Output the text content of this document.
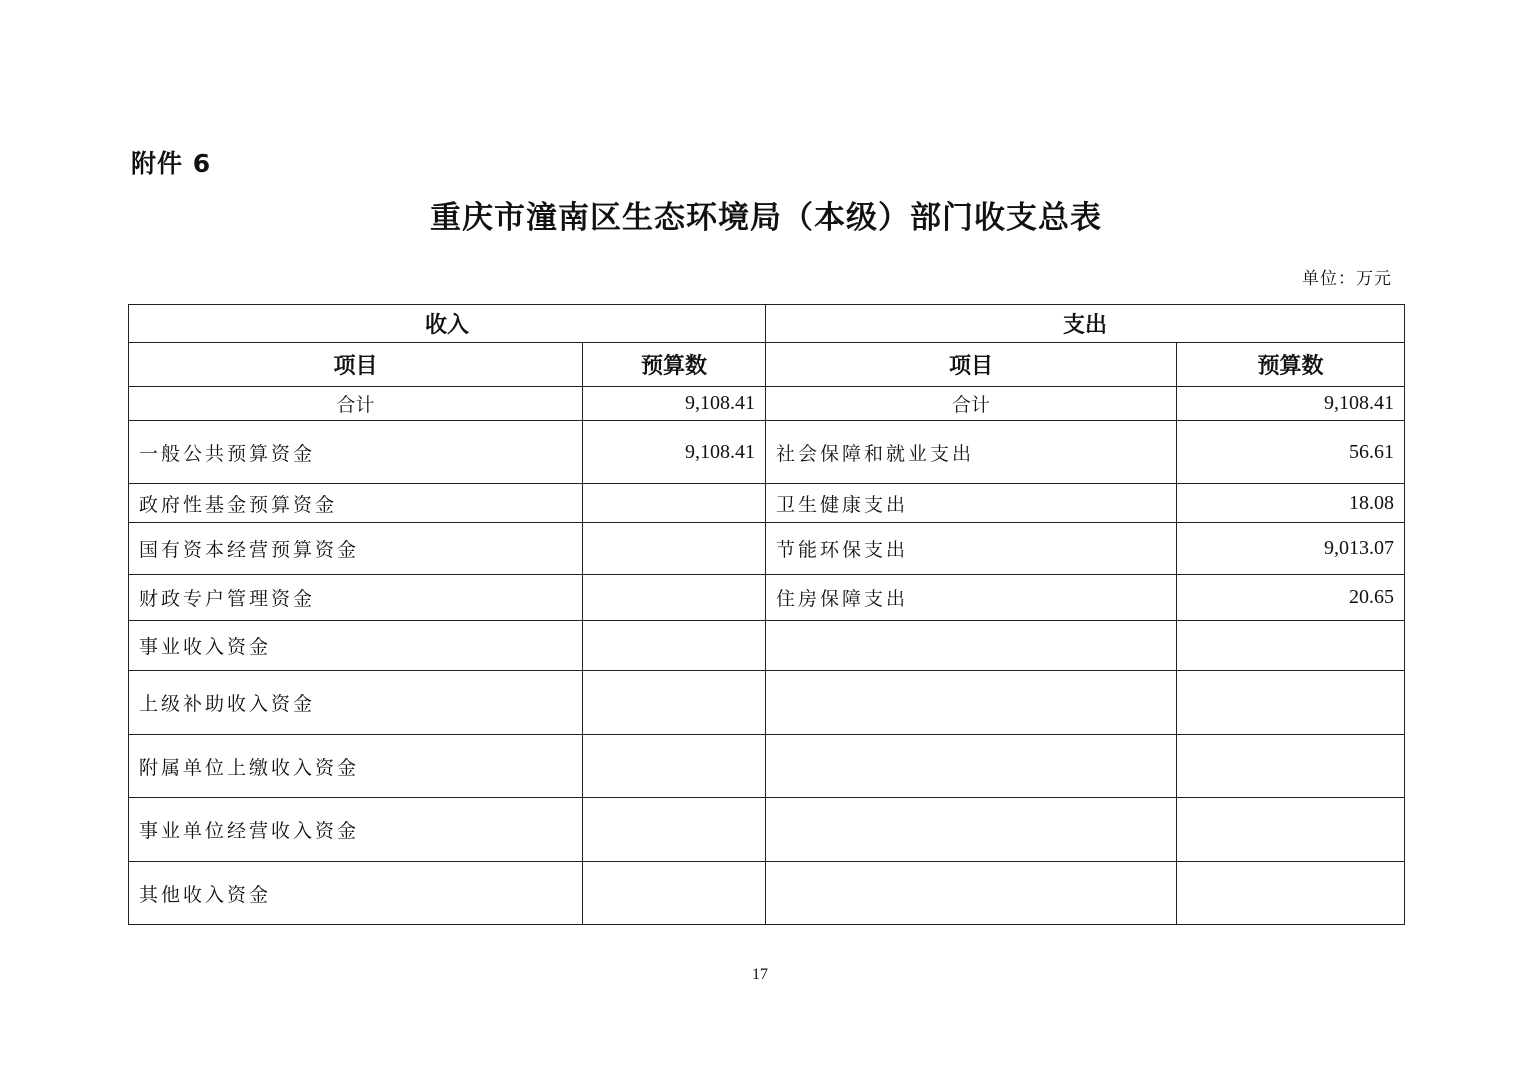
附件 6
重庆市潼南区生态环境局（本级）部门收支总表
单位：万元
收入		支出	
项目	预算数	项目	预算数
合计	9,108.41	合计	9,108.41
一般公共预算资金	9,108.41	社会保障和就业支出	56.61
政府性基金预算资金		卫生健康支出	18.08
国有资本经营预算资金		节能环保支出	9,013.07
财政专户管理资金		住房保障支出	20.65
事业收入资金			
上级补助收入资金			
附属单位上缴收入资金			
事业单位经营收入资金			
其他收入资金			
17
